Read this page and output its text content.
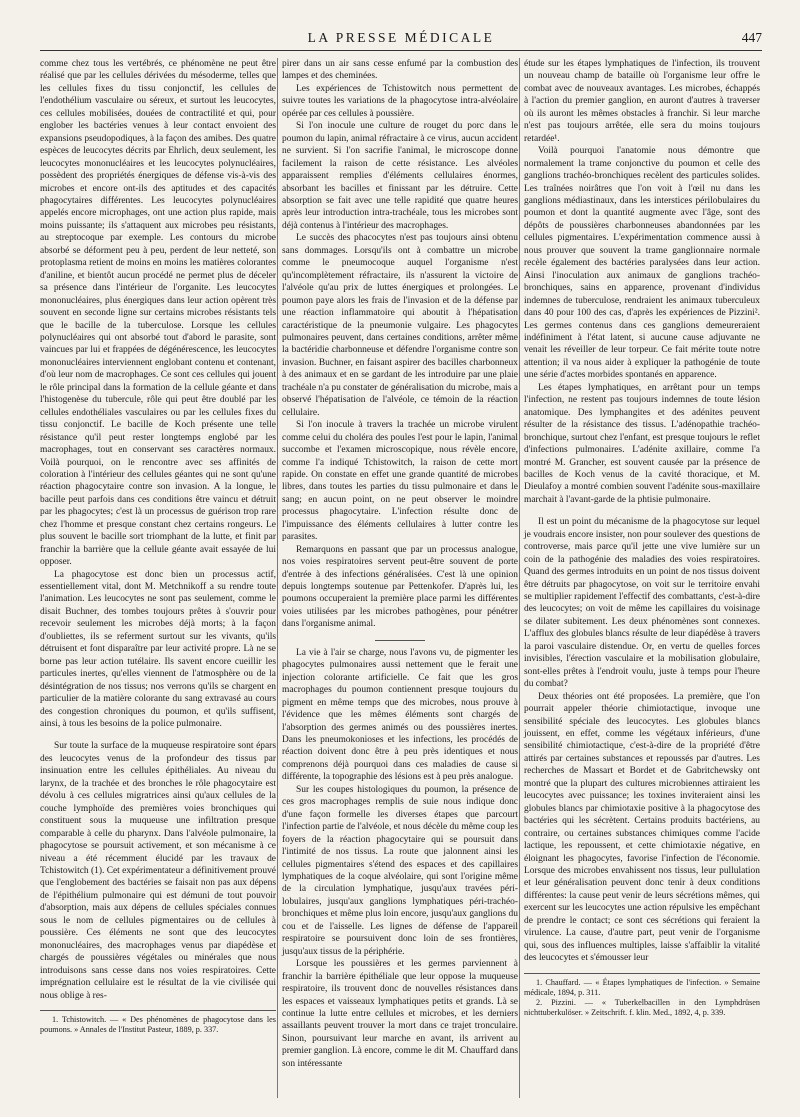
LA PRESSE MÉDICALE	447

comme chez tous les vertébrés, ce phénomène ne peut être réalisé que par les cellules dérivées du mésoderme, telles que les cellules fixes du tissu conjonctif, les cellules de l'endothélium vasculaire ou séreux, et surtout les leucocytes, ces cellules mobilisées, douées de contractilité et qui, pour englober les bactéries venues à leur contact envoient des expansions pseudopodiques, à la façon des amibes. Des quatre espèces de leucocytes décrits par Ehrlich, deux seulement, les leucocytes mononucléaires et les leucocytes polynucléaires, possèdent des propriétés énergiques de défense vis-à-vis des microbes et encore ont-ils des aptitudes et des capacités phagocytaires différentes. Les leucocytes polynucléaires appelés encore microphages, ont une action plus rapide, mais moins puissante; ils s'attaquent aux microbes peu résistants, au streptocoque par exemple. Les contours du microbe absorbé se déforment peu à peu, perdent de leur netteté, son protoplasma retient de moins en moins les matières colorantes d'aniline, et bientôt aucun procédé ne permet plus de déceler sa présence dans l'intérieur de l'organite. Les leucocytes mononucléaires, plus énergiques dans leur action opèrent très souvent en seconde ligne sur certains microbes résistants tels que le bacille de la tuberculose. Lorsque les cellules polynucléaires qui ont absorbé tout d'abord le parasite, sont vaincues par lui et frappées de dégénérescence, les leucocytes mononucléaires interviennent englobant contenu et contenant, d'où leur nom de macrophages. Ce sont ces cellules qui jouent le rôle principal dans la formation de la cellule géante et dans l'histogenèse du tubercule, rôle qui peut être doublé par les cellules endothéliales vasculaires ou par les cellules fixes du tissu conjonctif. Le bacille de Koch présente une telle résistance qu'il peut rester longtemps englobé par les macrophages, tout en conservant ses caractères normaux. Voilà pourquoi, on le rencontre avec ses affinités de coloration à l'intérieur des cellules géantes qui ne sont qu'une réaction phagocytaire contre son invasion. A la longue, le bacille peut parfois dans ces conditions être vaincu et détruit par les phagocytes; c'est là un processus de guérison trop rare chez l'homme et presque constant chez certains rongeurs. Le plus souvent le bacille sort triomphant de la lutte, et finit par franchir la barrière que la cellule géante avait essayée de lui opposer.

La phagocytose est donc bien un processus actif, essentiellement vital, dont M. Metchnikoff a su rendre toute l'animation. Les leucocytes ne sont pas seulement, comme le disait Buchner, des tombes toujours prêtes à s'ouvrir pour recevoir seulement les microbes déjà morts; à la façon d'oubliettes, ils se referment surtout sur les vivants, qu'ils détruisent et font disparaître par leur activité propre. Là ne se borne pas leur action tutélaire. Ils savent encore cueillir les particules inertes, qu'elles viennent de l'atmosphère ou de la désintégration de nos tissus; nos verrons qu'ils se chargent en particulier de la matière colorante du sang extravasé au cours des congestion chroniques du poumon, et qu'ils suffisent, ainsi, à tous les besoins de la police pulmonaire.

Sur toute la surface de la muqueuse respiratoire sont épars des leucocytes venus de la profondeur des tissus par insinuation entre les cellules épithéliales. Au niveau du larynx, de la trachée et des bronches le rôle phagocytaire est dévolu à ces cellules migratrices ainsi qu'aux cellules de la couche lymphoïde des premières voies bronchiques qui constituent sous la muqueuse une infiltration presque comparable à celle du pharynx. Dans l'alvéole pulmonaire, la phagocytose se poursuit activement, et son mécanisme à ce niveau a été récemment élucidé par les travaux de Tchistowitch (1). Cet expérimentateur a définitivement prouvé que l'englobement des bactéries se faisait non pas aux dépens de l'épithélium pulmonaire qui est démuni de tout pouvoir d'absorption, mais aux dépens de cellules spéciales connues sous le nom de cellules pigmentaires ou de cellules à poussière. Ces éléments ne sont que des leucocytes mononucléaires, des macrophages venus par diapédèse et chargés de poussières végétales ou minérales que nous introduisons sans cesse dans nos voies respiratoires. Cette imprégnation cellulaire est le résultat de la vie civilisée qui nous oblige à res-

1. Tchistowitch. — « Des phénomènes de phagocytose dans les poumons. » Annales de l'Institut Pasteur, 1889, p. 337.

pirer dans un air sans cesse enfumé par la combustion des lampes et des cheminées.

Les expériences de Tchistowitch nous permettent de suivre toutes les variations de la phagocytose intra-alvéolaire opérée par ces cellules à poussière.

Si l'on inocule une culture de rouget du porc dans le poumon du lapin, animal réfractaire à ce virus, aucun accident ne survient. Si l'on sacrifie l'animal, le microscope donne facilement la raison de cette résistance. Les alvéoles apparaissent remplies d'éléments cellulaires énormes, absorbant les bacilles et finissant par les détruire. Cette absorption se fait avec une telle rapidité que quatre heures après leur introduction intra-trachéale, tous les microbes sont déjà contenus à l'intérieur des macrophages.

Le succès des phacocytes n'est pas toujours ainsi obtenu sans dommages. Lorsqu'ils ont à combattre un microbe comme le pneumocoque auquel l'organisme n'est qu'incomplètement réfractaire, ils n'assurent la victoire de l'alvéole qu'au prix de luttes énergiques et prolongées. Le poumon paye alors les frais de l'invasion et de la défense par une réaction inflammatoire qui aboutit à l'hépatisation caractéristique de la pneumonie vulgaire. Les phagocytes pulmonaires peuvent, dans certaines conditions, arrêter même la bactéridie charbonneuse et défendre l'organisme contre son invasion. Buchner, en faisant aspirer des bacilles charbonneux à des animaux et en se gardant de les introduire par une plaie trachéale n'a pu constater de généralisation du microbe, mais a observé l'hépatisation de l'alvéole, ce témoin de la réaction cellulaire.

Si l'on inocule à travers la trachée un microbe virulent comme celui du choléra des poules l'est pour le lapin, l'animal succombe et l'examen microscopique, nous révèle encore, comme l'a indiqué Tchistowitch, la raison de cette mort rapide. On constate en effet une grande quantité de microbes libres, dans toutes les parties du tissu pulmonaire et dans le sang; en aucun point, on ne peut observer le moindre processus phagocytaire. L'infection résulte donc de l'impuissance des éléments cellulaires à lutter contre les parasites.

Remarquons en passant que par un processus analogue, nos voies respiratoires servent peut-être souvent de porte d'entrée à des infections généralisées. C'est là une opinion depuis longtemps soutenue par Pettenkofer. D'après lui, les poumons occuperaient la première place parmi les différentes voies utilisées par les microbes pathogènes, pour pénétrer dans l'organisme animal.

La vie à l'air se charge, nous l'avons vu, de pigmenter les phagocytes pulmonaires aussi nettement que le ferait une injection colorante artificielle. Ce fait que les gros macrophages du poumon contiennent presque toujours du pigment en même temps que des microbes, nous prouve à l'évidence que les mêmes éléments sont chargés de l'absorption des germes animés ou des poussières inertes. Dans les pneumokonioses et les infections, les procédés de réaction doivent donc être à peu près identiques et nous comprenons déjà pourquoi dans ces maladies de cause si différente, la topographie des lésions est à peu près analogue.

Sur les coupes histologiques du poumon, la présence de ces gros macrophages remplis de suie nous indique donc d'une façon formelle les diverses étapes que parcourt l'infection partie de l'alvéole, et nous décèle du même coup les foyers de la réaction phagocytaire qui se poursuit dans l'intimité de nos tissus. La route que jalonnent ainsi les cellules pigmentaires s'étend des espaces et des capillaires lymphatiques de la coque alvéolaire, qui sont l'origine même de la circulation lymphatique, jusqu'aux travées péri-lobulaires, jusqu'aux ganglions lymphatiques péri-trachéo-bronchiques et même plus loin encore, jusqu'aux ganglions du cou et de l'aisselle. Les lignes de défense de l'appareil respiratoire se poursuivent donc loin de ses frontières, jusqu'aux tissus de la périphérie.

Lorsque les poussières et les germes parviennent à franchir la barrière épithéliale que leur oppose la muqueuse respiratoire, ils trouvent donc de nouvelles résistances dans les espaces et vaisseaux lymphatiques petits et grands. Là se continue la lutte entre cellules et microbes, et les derniers assaillants peuvent trouver la mort dans ce trajet tronculaire. Sinon, poursuivant leur marche en avant, ils arrivent au premier ganglion. Là encore, comme le dit M. Chauffard dans son intéressante

étude sur les étapes lymphatiques de l'infection, ils trouvent un nouveau champ de bataille où l'organisme leur offre le combat avec de nouveaux avantages. Les microbes, échappés à l'action du premier ganglion, en auront d'autres à traverser où ils auront les mêmes obstacles à franchir. Si leur marche n'est pas toujours arrêtée, elle sera du moins toujours retardée¹.

Voilà pourquoi l'anatomie nous démontre que normalement la trame conjonctive du poumon et celle des ganglions trachéo-bronchiques recèlent des particules solides. Les traînées noirâtres que l'on voit à l'œil nu dans les ganglions médiastinaux, dans les interstices périlobulaires du poumon et dont la quantité augmente avec l'âge, sont des dépôts de poussières charbonneuses abandonnées par les cellules pigmentaires. L'expérimentation commence aussi à nous prouver que souvent la trame ganglionnaire normale recèle également des bactéries paralysées dans leur action. Ainsi l'inoculation aux animaux de ganglions trachéo-bronchiques, sains en apparence, provenant d'individus indemnes de tuberculose, rendraient les animaux tuberculeux dans 40 pour 100 des cas, d'après les expériences de Pizzini². Les germes contenus dans ces ganglions demeureraient indéfiniment à l'état latent, si aucune cause adjuvante ne venait les réveiller de leur torpeur. Ce fait mérite toute notre attention; il va nous aider à expliquer la pathogénie de toute une série d'actes morbides spontanés en apparence.

Les étapes lymphatiques, en arrêtant pour un temps l'infection, ne restent pas toujours indemnes de toute lésion anatomique. Des lymphangites et des adénites peuvent résulter de la résistance des tissus. L'adénopathie trachéo-bronchique, surtout chez l'enfant, est presque toujours le reflet d'infections pulmonaires. L'adénite axillaire, comme l'a montré M. Grancher, est souvent causée par la présence de bacilles de Koch venus de la cavité thoracique, et M. Dieulafoy a montré combien souvent l'adénite sous-maxillaire marchait à l'avant-garde de la phtisie pulmonaire.

Il est un point du mécanisme de la phagocytose sur lequel je voudrais encore insister, non pour soulever des questions de controverse, mais parce qu'il jette une vive lumière sur un coin de la pathogénie des maladies des voies respiratoires. Quand des germes introduits en un point de nos tissus doivent être détruits par phagocytose, on voit sur le territoire envahi se multiplier rapidement l'effectif des combattants, c'est-à-dire des leucocytes; on voit de même les capillaires du voisinage se dilater subitement. Les deux phénomènes sont connexes. L'afflux des globules blancs résulte de leur diapédèse à travers la paroi vasculaire distendue. Or, en vertu de quelles forces invisibles, l'érection vasculaire et la mobilisation globulaire, sont-elles prêtes à l'endroit voulu, juste à temps pour l'heure du combat?

Deux théories ont été proposées. La première, que l'on pourrait appeler théorie chimiotactique, invoque une sensibilité spéciale des leucocytes. Les globules blancs jouissent, en effet, comme les végétaux inférieurs, d'une sensibilité chimiotactique, c'est-à-dire de la propriété d'être attirés par certaines substances et repoussés par d'autres. Les recherches de Massart et Bordet et de Gabritchewsky ont montré que la plupart des cultures microbiennes attiraient les leucocytes avec puissance; les toxines inviteraient ainsi les globules blancs par chimiotaxie positive à la phagocytose des bactéries qui les sécrètent. Certains produits bactériens, au contraire, ou certaines substances chimiques comme l'acide lactique, les repoussent, et cette chimiotaxie négative, en éloignant les phagocytes, favorise l'infection de l'économie. Lorsque des microbes envahissent nos tissus, leur pullulation et leur généralisation peuvent donc tenir à deux conditions différentes: la cause peut venir de leurs sécrétions mêmes, qui exercent sur les leucocytes une action répulsive les empêchant de prendre le contact; ce sont ces sécrétions qui feraient la virulence. La cause, d'autre part, peut venir de l'organisme qui, sous des influences multiples, laisse s'affaiblir la vitalité des leucocytes et s'émousser leur

1. Chauffard. — « Étapes lymphatiques de l'infection. » Semaine médicale, 1894, p. 311.

2. Pizzini. — « Tuberkelbacillen in den Lymphdrüsen nichttuberkulöser. » Zeitschrift. f. klin. Med., 1892, 4, p. 339.
